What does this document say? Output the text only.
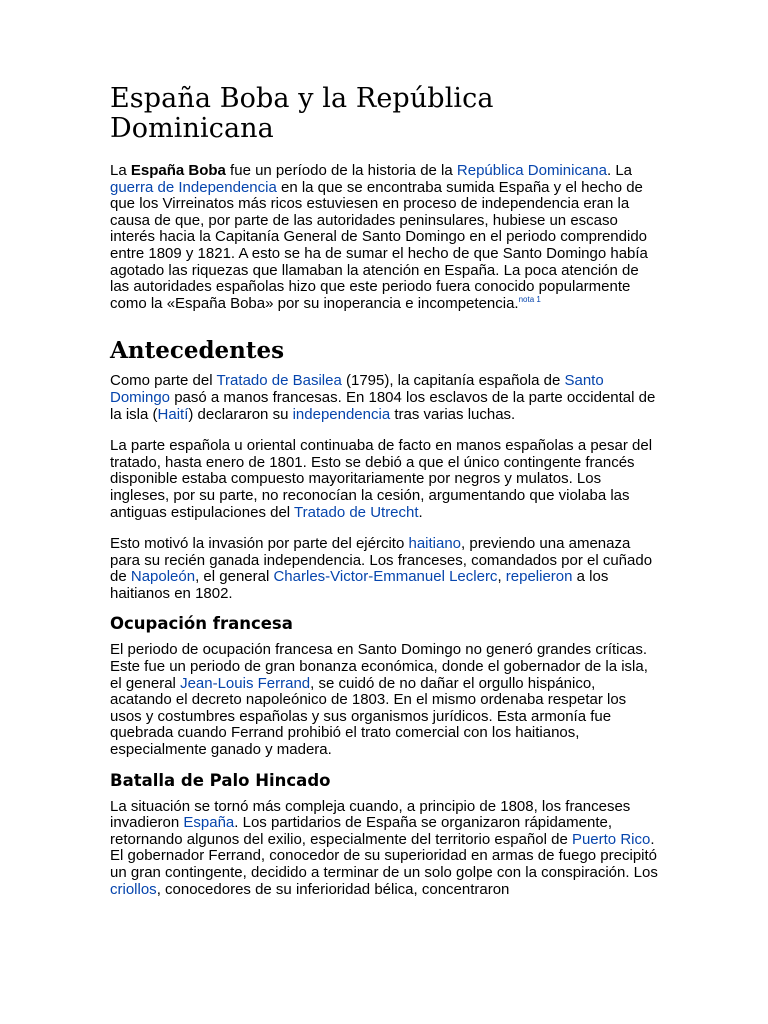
España Boba y la República Dominicana

La España Boba fue un período de la historia de la República Dominicana. La guerra de Independencia en la que se encontraba sumida España y el hecho de que los Virreinatos más ricos estuviesen en proceso de independencia eran la causa de que, por parte de las autoridades peninsulares, hubiese un escaso interés hacia la Capitanía General de Santo Domingo en el periodo comprendido entre 1809 y 1821. A esto se ha de sumar el hecho de que Santo Domingo había agotado las riquezas que llamaban la atención en España. La poca atención de las autoridades españolas hizo que este periodo fuera conocido popularmente como la «España Boba» por su inoperancia e incompetencia.$^{nota 1}$

Antecedentes

Como parte del Tratado de Basilea (1795), la capitanía española de Santo Domingo pasó a manos francesas. En 1804 los esclavos de la parte occidental de la isla (Haití) declararon su independencia tras varias luchas.

La parte española u oriental continuaba de facto en manos españolas a pesar del tratado, hasta enero de 1801. Esto se debió a que el único contingente francés disponible estaba compuesto mayoritariamente por negros y mulatos. Los ingleses, por su parte, no reconocían la cesión, argumentando que violaba las antiguas estipulaciones del Tratado de Utrecht.

Esto motivó la invasión por parte del ejército haitiano, previendo una amenaza para su recién ganada independencia. Los franceses, comandados por el cuñado de Napoleón, el general Charles-Victor-Emmanuel Leclerc, repelieron a los haitianos en 1802.

Ocupación francesa

El periodo de ocupación francesa en Santo Domingo no generó grandes críticas. Este fue un periodo de gran bonanza económica, donde el gobernador de la isla, el general Jean-Louis Ferrand, se cuidó de no dañar el orgullo hispánico, acatando el decreto napoleónico de 1803. En el mismo ordenaba respetar los usos y costumbres españolas y sus organismos jurídicos. Esta armonía fue quebrada cuando Ferrand prohibió el trato comercial con los haitianos, especialmente ganado y madera.

Batalla de Palo Hincado

La situación se tornó más compleja cuando, a principio de 1808, los franceses invadieron España. Los partidarios de España se organizaron rápidamente, retornando algunos del exilio, especialmente del territorio español de Puerto Rico. El gobernador Ferrand, conocedor de su superioridad en armas de fuego precipitó un gran contingente, decidido a terminar de un solo golpe con la conspiración. Los criollos, conocedores de su inferioridad bélica, concentraron
